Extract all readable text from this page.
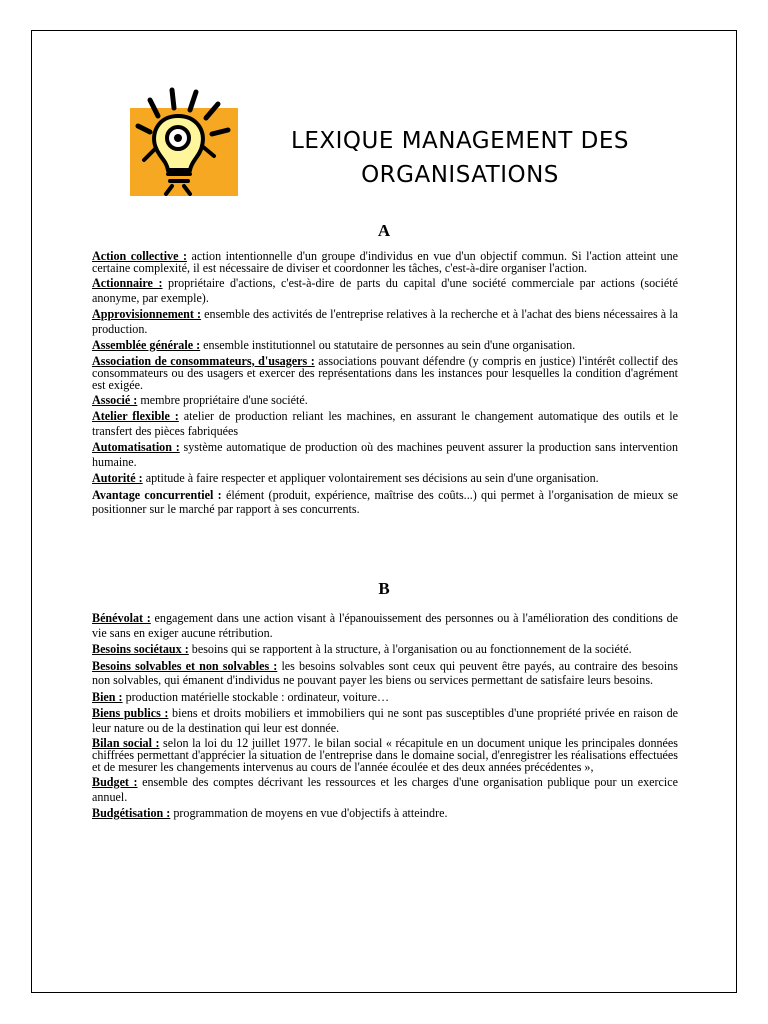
LEXIQUE MANAGEMENT DES
ORGANISATIONS
A

Action collective : action intentionnelle d'un groupe d'individus en vue d'un objectif commun. Si l'action atteint une certaine complexité, il est nécessaire de diviser et coordonner les tâches, c'est-à-dire organiser l'action.

Actionnaire : propriétaire d'actions, c'est-à-dire de parts du capital d'une société commerciale par actions (société anonyme, par exemple).

Approvisionnement : ensemble des activités de l'entreprise relatives à la recherche et à l'achat des biens nécessaires à la production.

Assemblée générale : ensemble institutionnel ou statutaire de personnes au sein d'une organisation.

Association de consommateurs, d'usagers : associations pouvant défendre (y compris en justice) l'intérêt collectif des consommateurs ou des usagers et exercer des représentations dans les instances pour lesquelles la condition d'agrément est exigée.

Associé : membre propriétaire d'une société.

Atelier flexible : atelier de production reliant les machines, en assurant le changement automatique des outils et le transfert des pièces fabriquées

Automatisation : système automatique de production où des machines peuvent assurer la production sans intervention humaine.

Autorité : aptitude à faire respecter et appliquer volontairement ses décisions au sein d'une organisation.

Avantage concurrentiel : élément (produit, expérience, maîtrise des coûts...) qui permet à l'organisation de mieux se positionner sur le marché par rapport à ses concurrents.

B

Bénévolat : engagement dans une action visant à l'épanouissement des personnes ou à l'amélioration des conditions de vie sans en exiger aucune rétribution.

Besoins sociétaux : besoins qui se rapportent à la structure, à l'organisation ou au fonctionnement de la société.

Besoins solvables et non solvables : les besoins solvables sont ceux qui peuvent être payés, au contraire des besoins non solvables, qui émanent d'individus ne pouvant payer les biens ou services permettant de satisfaire leurs besoins.

Bien : production matérielle stockable : ordinateur, voiture…

Biens publics : biens et droits mobiliers et immobiliers qui ne sont pas susceptibles d'une propriété privée en raison de leur nature ou de la destination qui leur est donnée.

Bilan social : selon la loi du 12 juillet 1977. le bilan social « récapitule en un document unique les principales données chiffrées permettant d'apprécier la situation de l'entreprise dans le domaine social, d'enregistrer les réalisations effectuées et de mesurer les changements intervenus au cours de l'année écoulée et des deux années précédentes »,

Budget : ensemble des comptes décrivant les ressources et les charges d'une organisation publique pour un exercice annuel.

Budgétisation : programmation de moyens en vue d'objectifs à atteindre.
